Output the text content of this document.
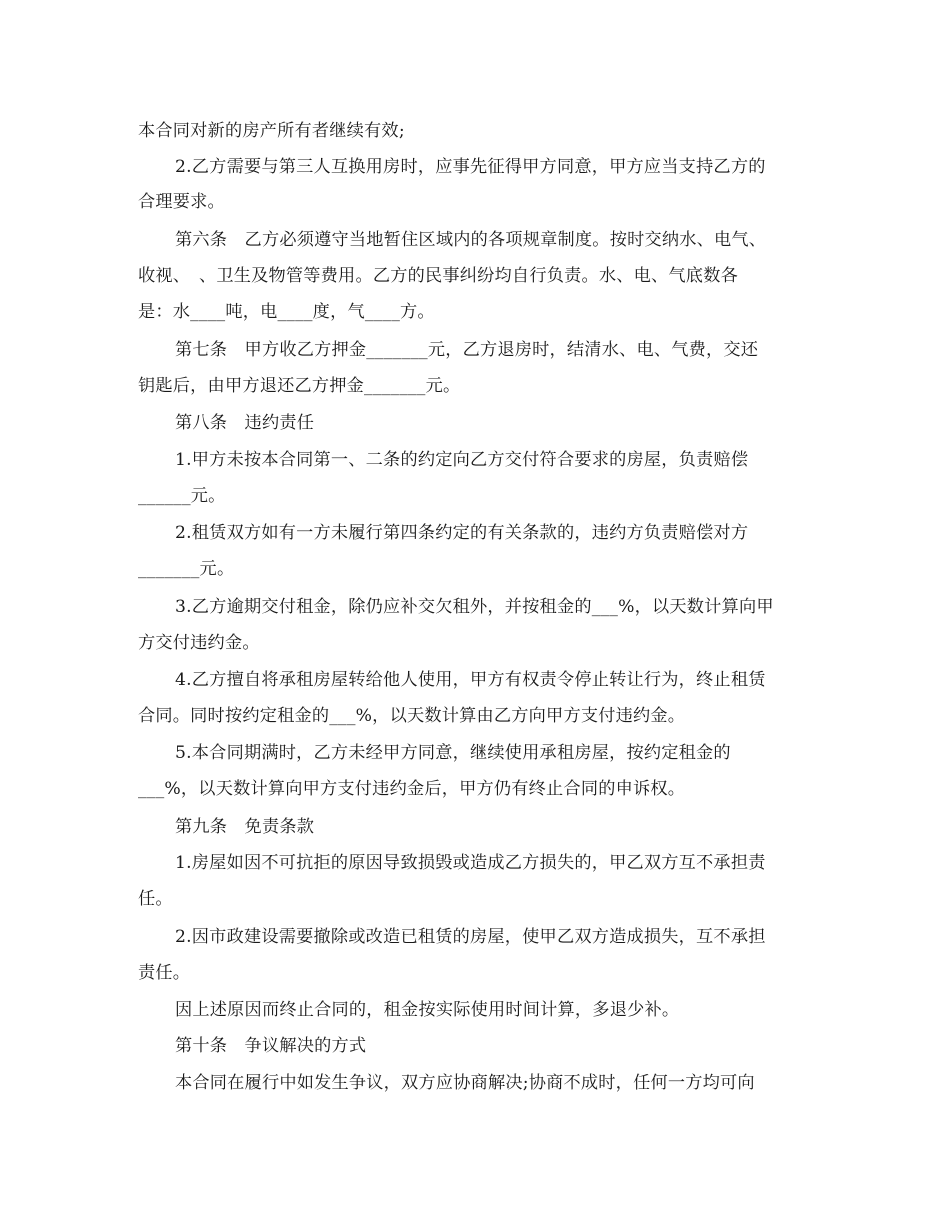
本合同对新的房产所有者继续有效;
2.乙方需要与第三人互换用房时，应事先征得甲方同意，甲方应当支持乙方的
合理要求。
第六条　乙方必须遵守当地暂住区域内的各项规章制度。按时交纳水、电气、
收视、　、卫生及物管等费用。乙方的民事纠纷均自行负责。水、电、气底数各
是：水____吨，电____度，气____方。
第七条　甲方收乙方押金_______元，乙方退房时，结清水、电、气费，交还
钥匙后，由甲方退还乙方押金_______元。
第八条　违约责任
1.甲方未按本合同第一、二条的约定向乙方交付符合要求的房屋，负责赔偿
______元。
2.租赁双方如有一方未履行第四条约定的有关条款的，违约方负责赔偿对方
_______元。
3.乙方逾期交付租金，除仍应补交欠租外，并按租金的___%，以天数计算向甲
方交付违约金。
4.乙方擅自将承租房屋转给他人使用，甲方有权责令停止转让行为，终止租赁
合同。同时按约定租金的___%，以天数计算由乙方向甲方支付违约金。
5.本合同期满时，乙方未经甲方同意，继续使用承租房屋，按约定租金的
___%，以天数计算向甲方支付违约金后，甲方仍有终止合同的申诉权。
第九条　免责条款
1.房屋如因不可抗拒的原因导致损毁或造成乙方损失的，甲乙双方互不承担责
任。
2.因市政建设需要撤除或改造已租赁的房屋，使甲乙双方造成损失，互不承担
责任。
因上述原因而终止合同的，租金按实际使用时间计算，多退少补。
第十条　争议解决的方式
本合同在履行中如发生争议，双方应协商解决;协商不成时，任何一方均可向
